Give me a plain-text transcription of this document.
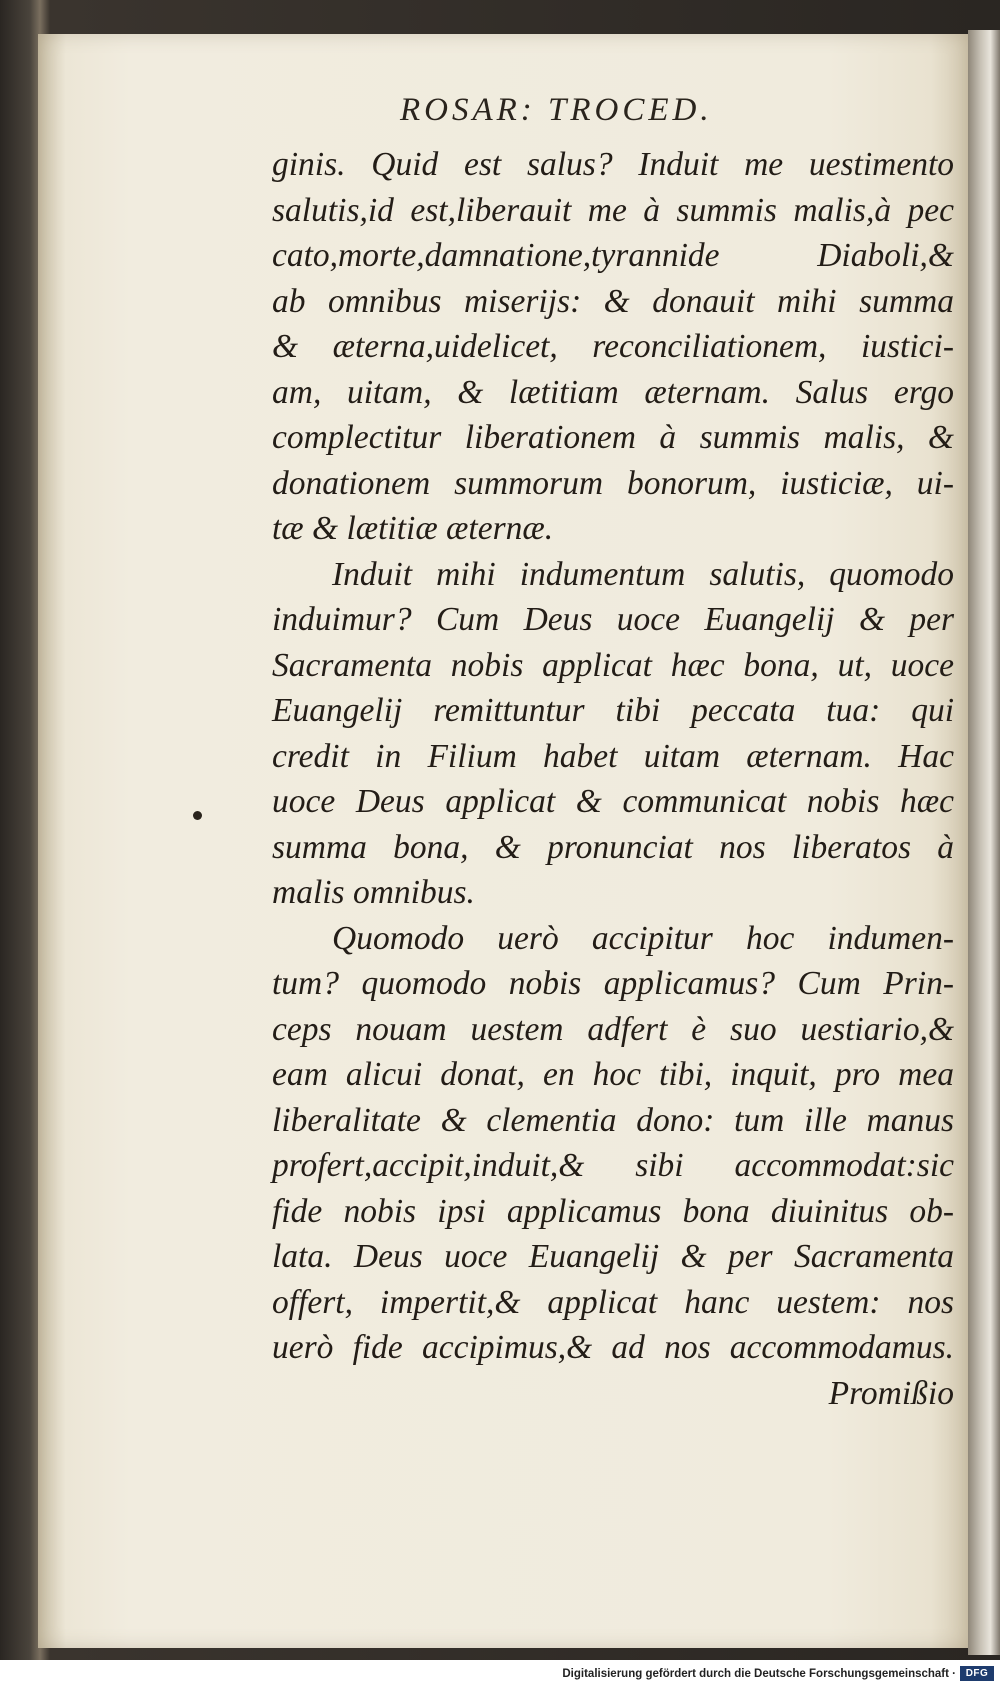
ROSAR: TROCED.
ginis. Quid est salus? Induit me uestimento
salutis,id est,liberauit me à summis malis,à pec
cato,morte,damnatione,tyrannide Diaboli,&
ab omnibus miserijs: & donauit mihi summa
& æterna,uidelicet, reconciliationem, iustici-
am, uitam, & lætitiam æternam. Salus ergo
complectitur liberationem à summis malis, &
donationem summorum bonorum, iusticiæ, ui-
tæ & lætitiæ æternæ.
Induit mihi indumentum salutis, quomodo
induimur? Cum Deus uoce Euangelij & per
Sacramenta nobis applicat hæc bona, ut, uoce
Euangelij remittuntur tibi peccata tua: qui
credit in Filium habet uitam æternam. Hac
uoce Deus applicat & communicat nobis hæc
summa bona, & pronunciat nos liberatos à
malis omnibus.
Quomodo uerò accipitur hoc indumen-
tum? quomodo nobis applicamus? Cum Prin-
ceps nouam uestem adfert è suo uestiario,&
eam alicui donat, en hoc tibi, inquit, pro mea
liberalitate & clementia dono: tum ille manus
profert,accipit,induit,& sibi accommodat:sic
fide nobis ipsi applicamus bona diuinitus ob-
lata. Deus uoce Euangelij & per Sacramenta
offert, impertit,& applicat hanc uestem: nos
uerò fide accipimus,& ad nos accommodamus.
Promißio
Digitalisierung gefördert durch die Deutsche Forschungsgemeinschaft · DFG
